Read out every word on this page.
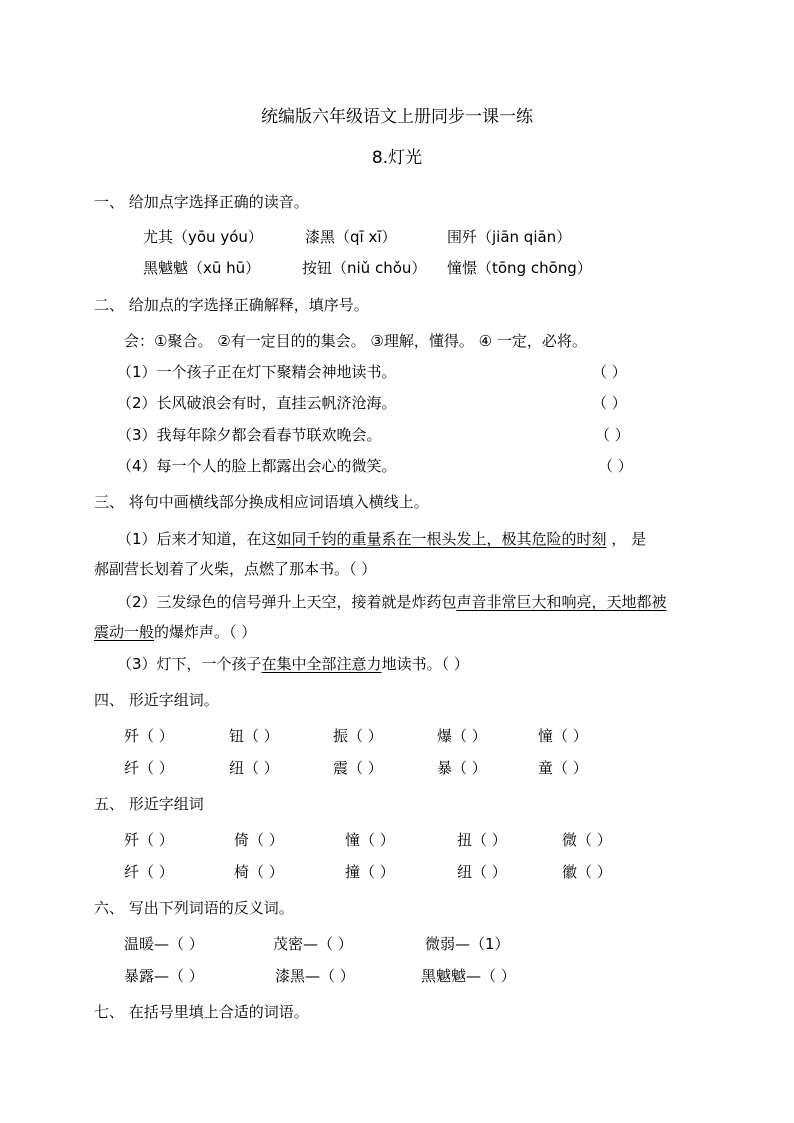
统编版六年级语文上册同步一课一练
8.灯光
一、 给加点字选择正确的读音。
尤其（yōu yóu）	漆黑（qī xī）	围歼（jiān qiān）
黑魆魆（xū hū）	按钮（niǔ chǒu） 憧憬（tōng chōng）
二、 给加点的字选择正确解释，填序号。
会：①聚合。 ②有一定目的的集会。 ③理解，懂得。 ④ 一定，必将。
（1）一个孩子正在灯下聚精会神地读书。	（ ）
（2）长风破浪会有时，直挂云帆济沧海。	（ ）
（3）我每年除夕都会看春节联欢晚会。	（ ）
（4）每一个人的脸上都露出会心的微笑。	（ ）
三、 将句中画横线部分换成相应词语填入横线上。
（1）后来才知道，在这如同千钧的重量系在一根头发上，极其危险的时刻 ， 是
郝副营长划着了火柴，点燃了那本书。（ ）
（2）三发绿色的信号弹升上天空，接着就是炸药包声音非常巨大和响亮，天地都被
震动一般的爆炸声。（ ）
（3）灯下，一个孩子在集中全部注意力地读书。（ ）
四、 形近字组词。
歼（ ）	钮（ ）	振（ ）	爆（ ）	憧（ ）
纤（ ）	纽（ ）	震（ ）	暴（ ）	童（ ）
五、 形近字组词
歼（ ）	倚（ ）	憧（ ）	扭（ ）	微（ ）
纤（ ）	椅（ ）	撞（ ）	纽（ ）	徽（ ）
六、 写出下列词语的反义词。
温暖—（ ）	茂密—（ ）	微弱—（1）
暴露—（ ）	漆黑—（ ）	黑魆魆—（ ）
七、 在括号里填上合适的词语。
